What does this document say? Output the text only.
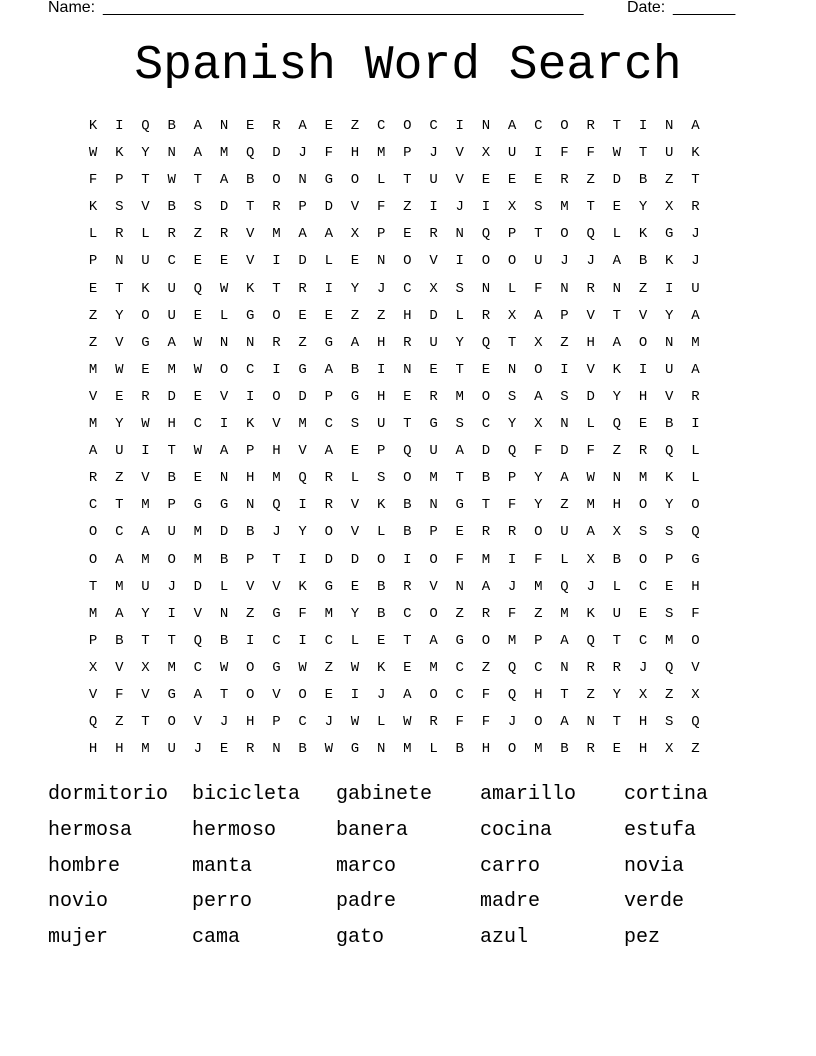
Name: ______________________________________________________	Date: _______
Spanish Word Search
K	I	Q	B	A	N	E	R	A	E	Z	C	O	C	I	N	A	C	O	R	T	I	N	A
W	K	Y	N	A	M	Q	D	J	F	H	M	P	J	V	X	U	I	F	F	W	T	U	K
F	P	T	W	T	A	B	O	N	G	O	L	T	U	V	E	E	E	R	Z	D	B	Z	T
K	S	V	B	S	D	T	R	P	D	V	F	Z	I	J	I	X	S	M	T	E	Y	X	R
L	R	L	R	Z	R	V	M	A	A	X	P	E	R	N	Q	P	T	O	Q	L	K	G	J
P	N	U	C	E	E	V	I	D	L	E	N	O	V	I	O	O	U	J	J	A	B	K	J
E	T	K	U	Q	W	K	T	R	I	Y	J	C	X	S	N	L	F	N	R	N	Z	I	U
Z	Y	O	U	E	L	G	O	E	E	Z	Z	H	D	L	R	X	A	P	V	T	V	Y	A
Z	V	G	A	W	N	N	R	Z	G	A	H	R	U	Y	Q	T	X	Z	H	A	O	N	M
M	W	E	M	W	O	C	I	G	A	B	I	N	E	T	E	N	O	I	V	K	I	U	A
V	E	R	D	E	V	I	O	D	P	G	H	E	R	M	O	S	A	S	D	Y	H	V	R
M	Y	W	H	C	I	K	V	M	C	S	U	T	G	S	C	Y	X	N	L	Q	E	B	I
A	U	I	T	W	A	P	H	V	A	E	P	Q	U	A	D	Q	F	D	F	Z	R	Q	L
R	Z	V	B	E	N	H	M	Q	R	L	S	O	M	T	B	P	Y	A	W	N	M	K	L
C	T	M	P	G	G	N	Q	I	R	V	K	B	N	G	T	F	Y	Z	M	H	O	Y	O
O	C	A	U	M	D	B	J	Y	O	V	L	B	P	E	R	R	O	U	A	X	S	S	Q
O	A	M	O	M	B	P	T	I	D	D	O	I	O	F	M	I	F	L	X	B	O	P	G
T	M	U	J	D	L	V	V	K	G	E	B	R	V	N	A	J	M	Q	J	L	C	E	H
M	A	Y	I	V	N	Z	G	F	M	Y	B	C	O	Z	R	F	Z	M	K	U	E	S	F
P	B	T	T	Q	B	I	C	I	C	L	E	T	A	G	O	M	P	A	Q	T	C	M	O
X	V	X	M	C	W	O	G	W	Z	W	K	E	M	C	Z	Q	C	N	R	R	J	Q	V
V	F	V	G	A	T	O	V	O	E	I	J	A	O	C	F	Q	H	T	Z	Y	X	Z	X
Q	Z	T	O	V	J	H	P	C	J	W	L	W	R	F	F	J	O	A	N	T	H	S	Q
H	H	M	U	J	E	R	N	B	W	G	N	M	L	B	H	O	M	B	R	E	H	X	Z
dormitorio	bicicleta	gabinete	amarillo	cortina
hermosa	hermoso	banera	cocina	estufa
hombre	manta	marco	carro	novia
novio	perro	padre	madre	verde
mujer	cama	gato	azul	pez
